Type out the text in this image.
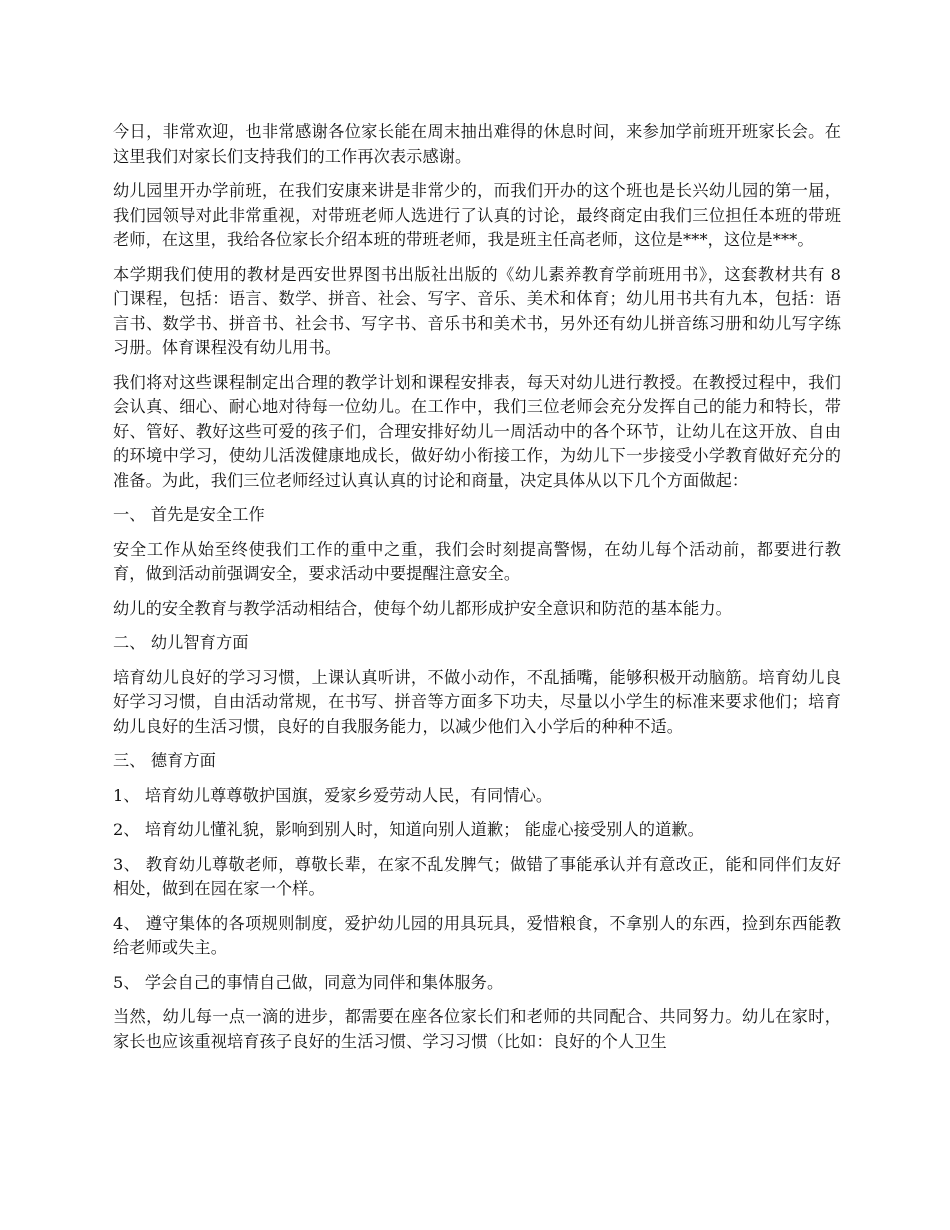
今日，非常欢迎，也非常感谢各位家长能在周末抽出难得的休息时间，来参加学前班开班家长会。在这里我们对家长们支持我们的工作再次表示感谢。

幼儿园里开办学前班，在我们安康来讲是非常少的，而我们开办的这个班也是长兴幼儿园的第一届，我们园领导对此非常重视，对带班老师人选进行了认真的讨论，最终商定由我们三位担任本班的带班老师，在这里，我给各位家长介绍本班的带班老师，我是班主任高老师，这位是***，这位是***。

本学期我们使用的教材是西安世界图书出版社出版的《幼儿素养教育学前班用书》，这套教材共有 8 门课程，包括：语言、数学、拼音、社会、写字、音乐、美术和体育；幼儿用书共有九本，包括：语言书、数学书、拼音书、社会书、写字书、音乐书和美术书，另外还有幼儿拼音练习册和幼儿写字练习册。体育课程没有幼儿用书。

我们将对这些课程制定出合理的教学计划和课程安排表，每天对幼儿进行教授。在教授过程中，我们会认真、细心、耐心地对待每一位幼儿。在工作中，我们三位老师会充分发挥自己的能力和特长，带好、管好、教好这些可爱的孩子们，合理安排好幼儿一周活动中的各个环节，让幼儿在这开放、自由的环境中学习，使幼儿活泼健康地成长，做好幼小衔接工作，为幼儿下一步接受小学教育做好充分的准备。为此，我们三位老师经过认真认真的讨论和商量，决定具体从以下几个方面做起：

一、 首先是安全工作

安全工作从始至终使我们工作的重中之重，我们会时刻提高警惕，在幼儿每个活动前，都要进行教育，做到活动前强调安全，要求活动中要提醒注意安全。

幼儿的安全教育与教学活动相结合，使每个幼儿都形成护安全意识和防范的基本能力。

二、 幼儿智育方面

培育幼儿良好的学习习惯，上课认真听讲，不做小动作，不乱插嘴，能够积极开动脑筋。培育幼儿良好学习习惯，自由活动常规，在书写、拼音等方面多下功夫，尽量以小学生的标准来要求他们；培育幼儿良好的生活习惯，良好的自我服务能力，以减少他们入小学后的种种不适。

三、 德育方面

1、 培育幼儿尊尊敬护国旗，爱家乡爱劳动人民，有同情心。

2、 培育幼儿懂礼貌，影响到别人时，知道向别人道歉； 能虚心接受别人的道歉。

3、 教育幼儿尊敬老师，尊敬长辈，在家不乱发脾气；做错了事能承认并有意改正，能和同伴们友好相处，做到在园在家一个样。

4、 遵守集体的各项规则制度，爱护幼儿园的用具玩具，爱惜粮食，不拿别人的东西，捡到东西能教给老师或失主。

5、 学会自己的事情自己做，同意为同伴和集体服务。

当然，幼儿每一点一滴的进步，都需要在座各位家长们和老师的共同配合、共同努力。幼儿在家时，家长也应该重视培育孩子良好的生活习惯、学习习惯（比如：良好的个人卫生
